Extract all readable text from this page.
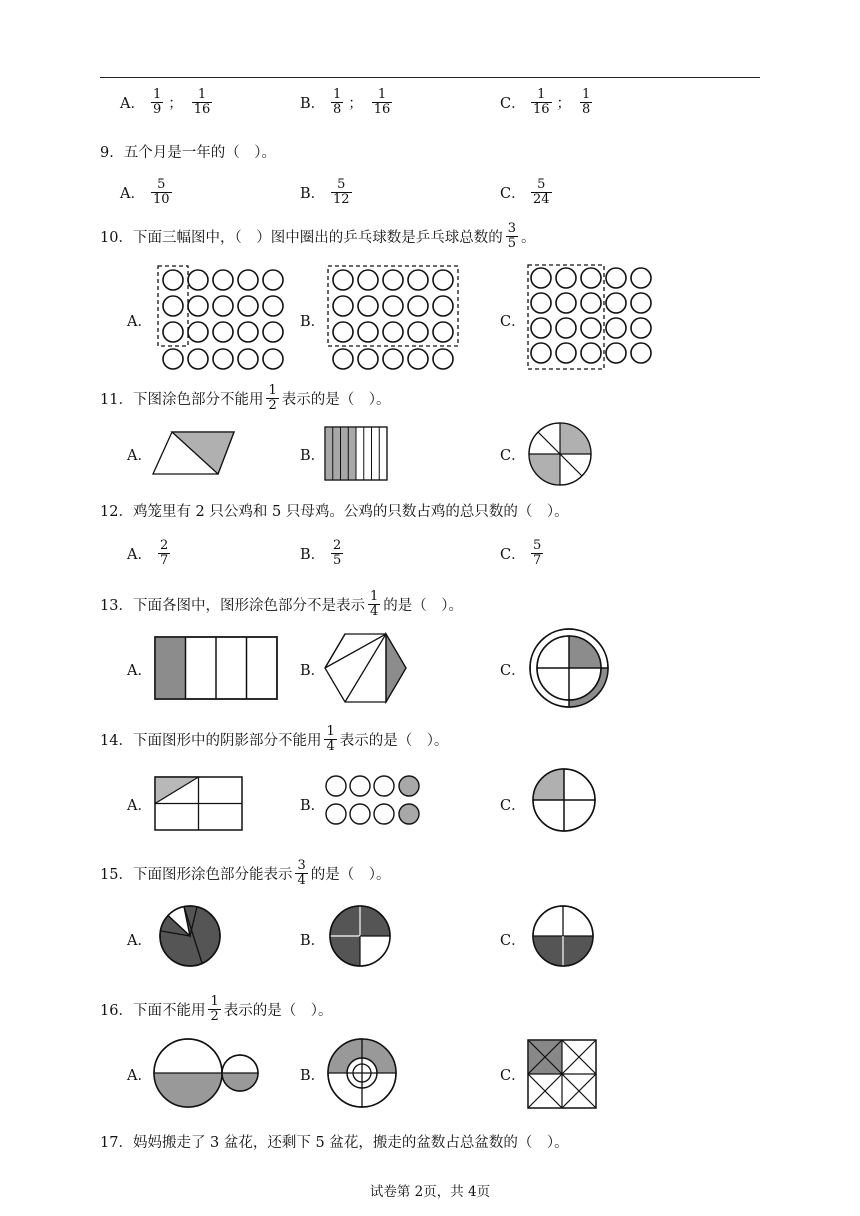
A． $\frac{1}{9}$ ； $\frac{1}{16}$	B． $\frac{1}{8}$ ； $\frac{1}{16}$	C． $\frac{1}{16}$ ； $\frac{1}{8}$
9．五个月是一年的（　）。
A． $\frac{5}{10}$	B． $\frac{5}{12}$	C． $\frac{5}{24}$
10．下面三幅图中，（　）图中圈出的乒乓球数是乒乓球总数的 $\frac{3}{5}$ 。
A．	B．	C．
11．下图涂色部分不能用 $\frac{1}{2}$ 表示的是（　）。
A．	B．	C．
12．鸡笼里有 2 只公鸡和 5 只母鸡。公鸡的只数占鸡的总只数的（　）。
A． $\frac{2}{7}$	B． $\frac{2}{5}$	C． $\frac{5}{7}$
13．下面各图中，图形涂色部分不是表示 $\frac{1}{4}$ 的是（　）。
A．	B．	C．
14．下面图形中的阴影部分不能用 $\frac{1}{4}$ 表示的是（　）。
A．	B．	C．
15．下面图形涂色部分能表示 $\frac{3}{4}$ 的是（　）。
A．	B．	C．
16．下面不能用 $\frac{1}{2}$ 表示的是（　）。
A．	B．	C．
17．妈妈搬走了 3 盆花，还剩下 5 盆花，搬走的盆数占总盆数的（　）。
试卷第 2页，共 4页
